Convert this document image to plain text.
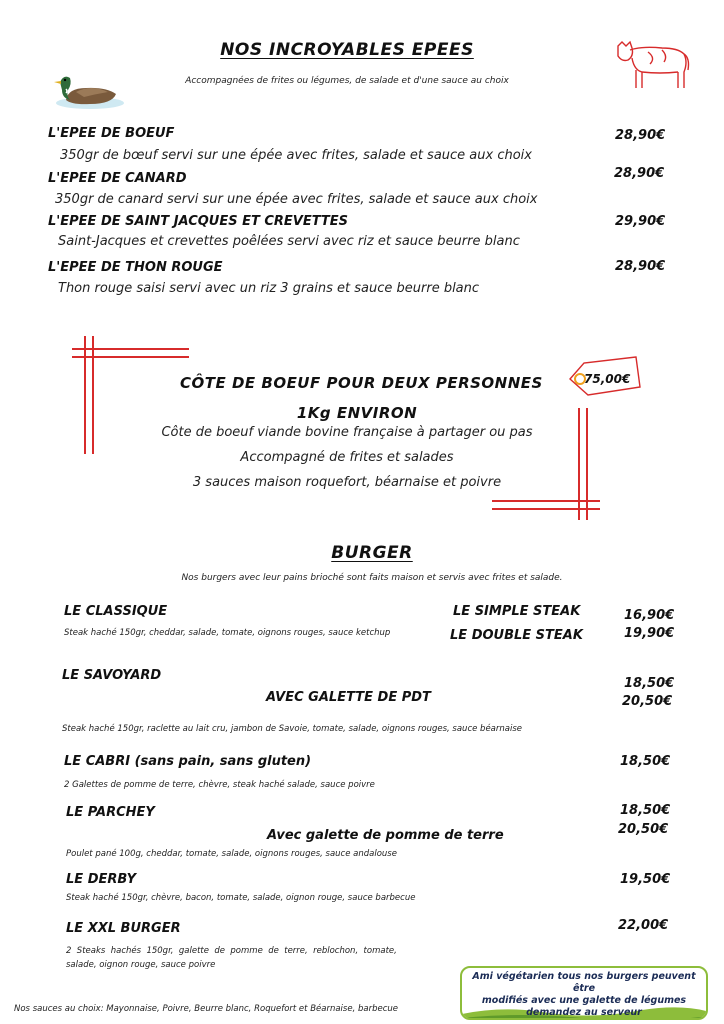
NOS INCROYABLES EPEES
Accompagnées de frites ou légumes, de salade et d'une sauce au choix
L'EPEE DE BOEUF	28,90€
350gr de bœuf servi sur une épée avec frites, salade et sauce aux choix
L'EPEE DE CANARD	28,90€
350gr de canard servi sur une épée avec frites, salade et sauce aux choix
L'EPEE DE SAINT JACQUES ET CREVETTES	29,90€
Saint-Jacques et crevettes poêlées servi avec riz et sauce beurre blanc
L'EPEE DE THON ROUGE	28,90€
Thon rouge saisi servi avec un riz 3 grains et sauce beurre blanc
CÔTE DE BOEUF POUR DEUX PERSONNES	75,00€
1Kg ENVIRON
Côte de boeuf viande bovine française à partager ou pas
Accompagné de frites et salades
3 sauces maison roquefort, béarnaise et poivre
BURGER
Nos burgers avec leur pains brioché sont faits maison et servis avec frites et salade.
LE CLASSIQUE
Steak haché 150gr, cheddar, salade, tomate, oignons rouges, sauce ketchup
LE SIMPLE STEAK	16,90€
LE DOUBLE STEAK	19,90€
LE SAVOYARD
18,50€
AVEC GALETTE DE PDT	20,50€
Steak haché 150gr, raclette au lait cru, jambon de Savoie, tomate, salade, oignons rouges, sauce béarnaise
LE CABRI (sans pain, sans gluten)	18,50€
2 Galettes de pomme de terre, chèvre, steak haché salade, sauce poivre
LE PARCHEY	18,50€
Avec galette de pomme de terre	20,50€
Poulet pané 100g, cheddar, tomate, salade, oignons rouges, sauce andalouse
LE DERBY	19,50€
Steak haché 150gr, chèvre, bacon, tomate, salade, oignon rouge, sauce barbecue
LE XXL BURGER	22,00€
2  Steaks  hachés  150gr,  galette  de  pomme  de  terre,  reblochon,  tomate,
salade, oignon rouge, sauce poivre
Nos sauces au choix: Mayonnaise, Poivre, Beurre blanc, Roquefort et Béarnaise, barbecue
Ami végétarien tous nos burgers peuvent être
modifiés avec une galette de légumes
demandez au serveur
